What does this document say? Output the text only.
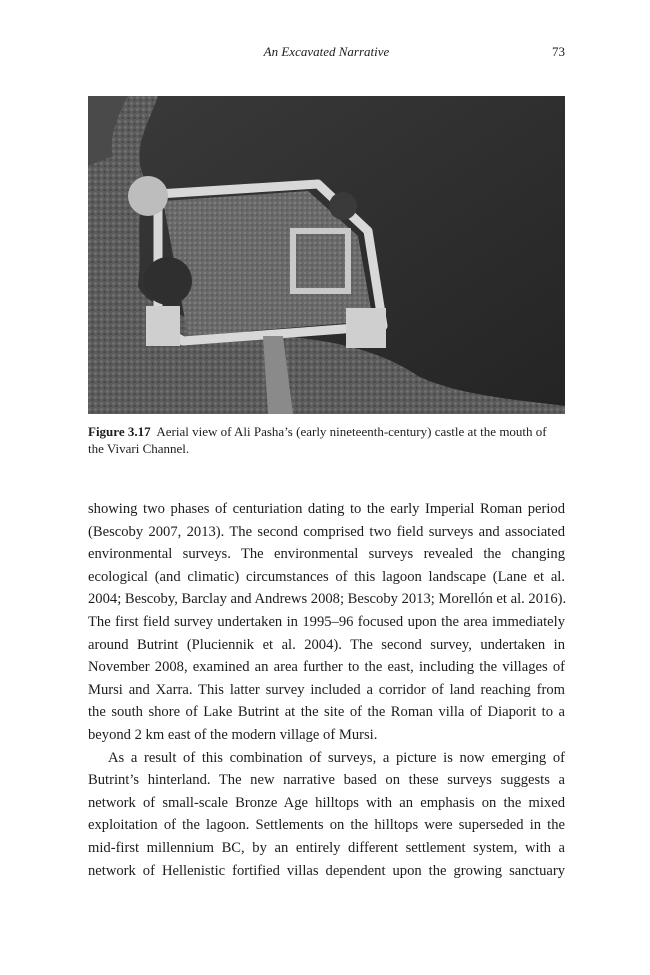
An Excavated Narrative	73
Figure 3.17 Aerial view of Ali Pasha’s (early nineteenth-century) castle at the mouth of the Vivari Channel.

showing two phases of centuriation dating to the early Imperial Roman period
(Bescoby 2007, 2013). The second comprised two field surveys and associated
environmental surveys. The environmental surveys revealed the changing
ecological (and climatic) circumstances of this lagoon landscape (Lane et al.
2004; Bescoby, Barclay and Andrews 2008; Bescoby 2013; Morellón et al. 2016).
The first field survey undertaken in 1995–96 focused upon the area immediately
around Butrint (Pluciennik et al. 2004). The second survey, undertaken in
November 2008, examined an area further to the east, including the villages of
Mursi and Xarra. This latter survey included a corridor of land reaching from
the south shore of Lake Butrint at the site of the Roman villa of Diaporit to a
beyond 2 km east of the modern village of Mursi.

As a result of this combination of surveys, a picture is now emerging of
Butrint’s hinterland. The new narrative based on these surveys suggests a
network of small-scale Bronze Age hilltops with an emphasis on the mixed
exploitation of the lagoon. Settlements on the hilltops were superseded in the
mid-first millennium BC, by an entirely different settlement system, with a
network of Hellenistic fortified villas dependent upon the growing sanctuary
